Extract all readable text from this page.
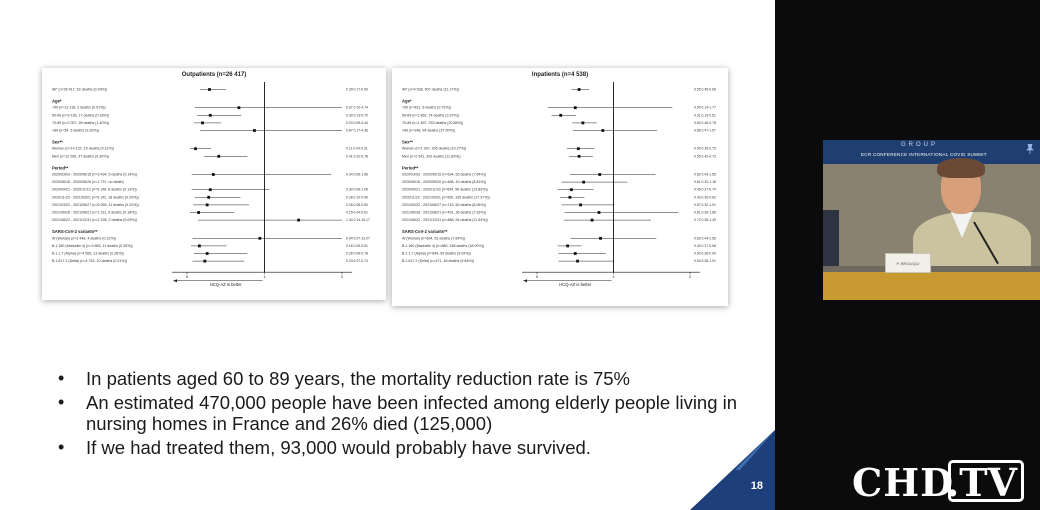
Outpatients (n=26 417)
All* (n=26 417, 52 deaths (0.20%))	0.29 0.17-0.50
Age*
<50 (n=13 118, 2 deaths (0.01%))	0.67 0.10-4.74
50-69 (n=9 138, 17 deaths (0.18%))	0.30 0.13-0.70
70-89 (n=2 007, 28 deaths (1.40%))	0.20 0.09-0.44
>89 (n=54, 5 deaths (9.26%))	0.87 0.17-4.36
Sex**
Women (n=14 132, 15 deaths (0.11%))	0.11 0.04-0.31
Men (n=12 285, 37 deaths (0.30%))	0.41 0.22-0.78
Period**
2020/03/03 - 2020/06/15 (n=3 494, 5 deaths (0.14%))	0.34 0.06-1.86
2020/06/16 - 2020/08/26 (n=1 737, no death)
2020/09/21 - 2020/11/12 (n=6 146, 8 deaths (0.13%))	0.30 0.06-1.06
2020/11/23 - 2021/03/21 (n=6 142, 18 deaths (0.29%))	0.28 0.10-0.69
2021/03/22 - 2021/06/27 (n=5 059, 11 deaths (0.22%))	0.26 0.08-0.80
2021/06/28 - 2021/08/21 (n=1 211, 9 deaths (0.18%))	0.15 0.04-0.61
2021/08/22 - 2021/12/31 (n=2 228, 2 deaths (0.09%))	1.44 0.14-15.17
SARS-CoV-2 variants**
W (Wuhan) (n=3 448, 4 deaths (0.12%))	0.94 0.07-13.07
B.1.160 (Marseille 4) (n=3 683, 11 deaths (0.30%))	0.16 0.05-0.51
B.1.1.7 (Alpha) (n=4 565, 13 deaths (0.28%))	0.26 0.09-0.78
B.1.617.2 (Delta) (n=4 753, 10 deaths (0.21%))	0.23 0.07-0.74
0	1	2
HCQ-AZ is better
Inpatients (n=4 538)
All* (n=4 538, 507 deaths (11.17%))	0.55 0.45-0.68
Age*
<50 (n=831, 6 deaths (0.72%))	0.50 0.14-1.77
50-69 (n=1 862, 74 deaths (3.97%))	0.31 0.19-0.51
70-89 (n=1 597, 333 deaths (20.85%))	0.60 0.46-0.78
>89 (n=248, 94 deaths (37.90%))	0.86 0.47-1.57
Sex**
Women (n=1 997, 205 deaths (10.27%))	0.54 0.39-0.75
Men (n=2 541, 302 deaths (11.89%))	0.55 0.42-0.73
Period**
2020/03/03 - 2020/06/15 (n=694, 53 deaths (7.64%))	0.82 0.43-1.55
2020/06/16 - 2020/09/20 (n=488, 43 deaths (8.81%))	0.61 0.32-1.18
2020/09/21 - 2020/11/22 (n=694, 96 deaths (13.83%))	0.45 0.27-0.74
2020/11/23 - 2021/03/21 (n=950, 165 deaths (17.37%))	0.43 0.30-0.62
2021/03/22 - 2021/06/27 (n=743, 60 deaths (8.08%))	0.57 0.32-1.01
2021/06/28 - 2021/08/21 (n=491, 36 deaths (7.33%))	0.81 0.36-1.85
2021/08/22 - 2021/12/31 (n=488, 54 deaths (11.54%))	0.72 0.35-1.49
SARS-CoV-2 variants**
W (Wuhan) (n=694, 53 deaths (7.64%))	0.83 0.44-1.56
B.1.160 (Marseille 4) (n=880, 158 deaths (18.00%))	0.40 0.27-0.58
B.1.1.7 (Alpha) (n=649, 59 deaths (9.09%))	0.50 0.28-0.90
B.1.617.2 (Delta) (n=471, 46 deaths (9.84%))	0.53 0.28-1.01
0	1	2
HCQ-AZ is better
• In patients aged 60 to 89 years, the mortality reduction rate is 75%
• An estimated 470,000 people have been infected among elderly people living in nursing homes in France and 26% died (125,000)
• If we had treated them, 93,000 would probably have survived.
18
GROUP
ECR CONFERENCE INTERNATIONAL COVID SUMMIT
P. BROUQUI
CHD
.TV
